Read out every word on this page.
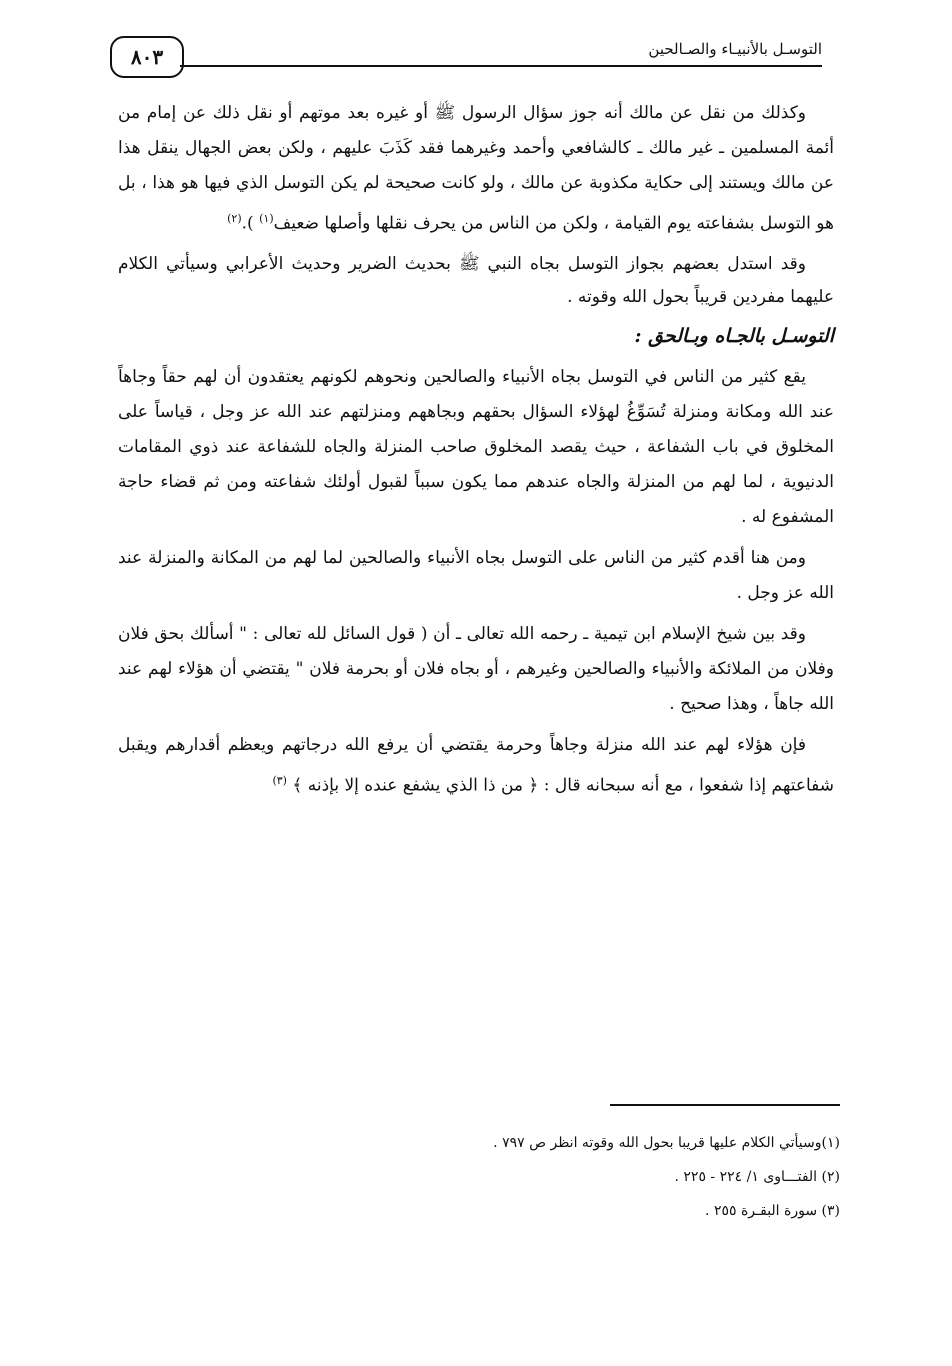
٨٠٣	التوسـل بالأنبيـاء والصـالحين

وكذلك من نقل عن مالك أنه جوز سؤال الرسول ﷺ أو غيره بعد موتهم أو نقل ذلك عن إمام من أئمة المسلمين ـ غير مالك ـ كالشافعي وأحمد وغيرهما فقد كَذَبَ عليهم ، ولكن بعض الجهال ينقل هذا عن مالك ويستند إلى حكاية مكذوبة عن مالك ، ولو كانت صحيحة لم يكن التوسل الذي فيها هو هذا ، بل هو التوسل بشفاعته يوم القيامة ، ولكن من الناس من يحرف نقلها وأصلها ضعيف$^{(١)}$ ).$^{(٢)}$

وقد استدل بعضهم بجواز التوسل بجاه النبي ﷺ بحديث الضرير وحديث الأعرابي وسيأتي الكلام عليهما مفردين قريباً بحول الله وقوته .

التوسـل بالجـاه وبـالحق :

يقع كثير من الناس في التوسل بجاه الأنبياء والصالحين ونحوهم لكونهم يعتقدون أن لهم حقاً وجاهاً عند الله ومكانة ومنزلة تُسَوِّغُ لهؤلاء السؤال بحقهم وبجاههم ومنزلتهم عند الله عز وجل ، قياساً على المخلوق في باب الشفاعة ، حيث يقصد المخلوق صاحب المنزلة والجاه للشفاعة عند ذوي المقامات الدنيوية ، لما لهم من المنزلة والجاه عندهم مما يكون سبباً لقبول أولئك شفاعته ومن ثم قضاء حاجة المشفوع له .

ومن هنا أقدم كثير من الناس على التوسل بجاه الأنبياء والصالحين لما لهم من المكانة والمنزلة عند الله عز وجل .

وقد بين شيخ الإسلام ابن تيمية ـ رحمه الله تعالى ـ أن ( قول السائل لله تعالى : " أسألك بحق فلان وفلان من الملائكة والأنبياء والصالحين وغيرهم ، أو بجاه فلان أو بحرمة فلان " يقتضي أن هؤلاء لهم عند الله جاهاً ، وهذا صحيح .

فإن هؤلاء لهم عند الله منزلة وجاهاً وحرمة يقتضي أن يرفع الله درجاتهم ويعظم أقدارهم ويقبل شفاعتهم إذا شفعوا ، مع أنه سبحانه قال : ﴿ من ذا الذي يشفع عنده إلا بإذنه ﴾ $^{(٣)}$

(١)وسيأتي الكلام عليها قريبا بحول الله وقوته انظر ص ٧٩٧ .

(٢) الفتـــاوى ١/ ٢٢٤ - ٢٢٥ .

(٣) سورة البقـرة ٢٥٥ .
